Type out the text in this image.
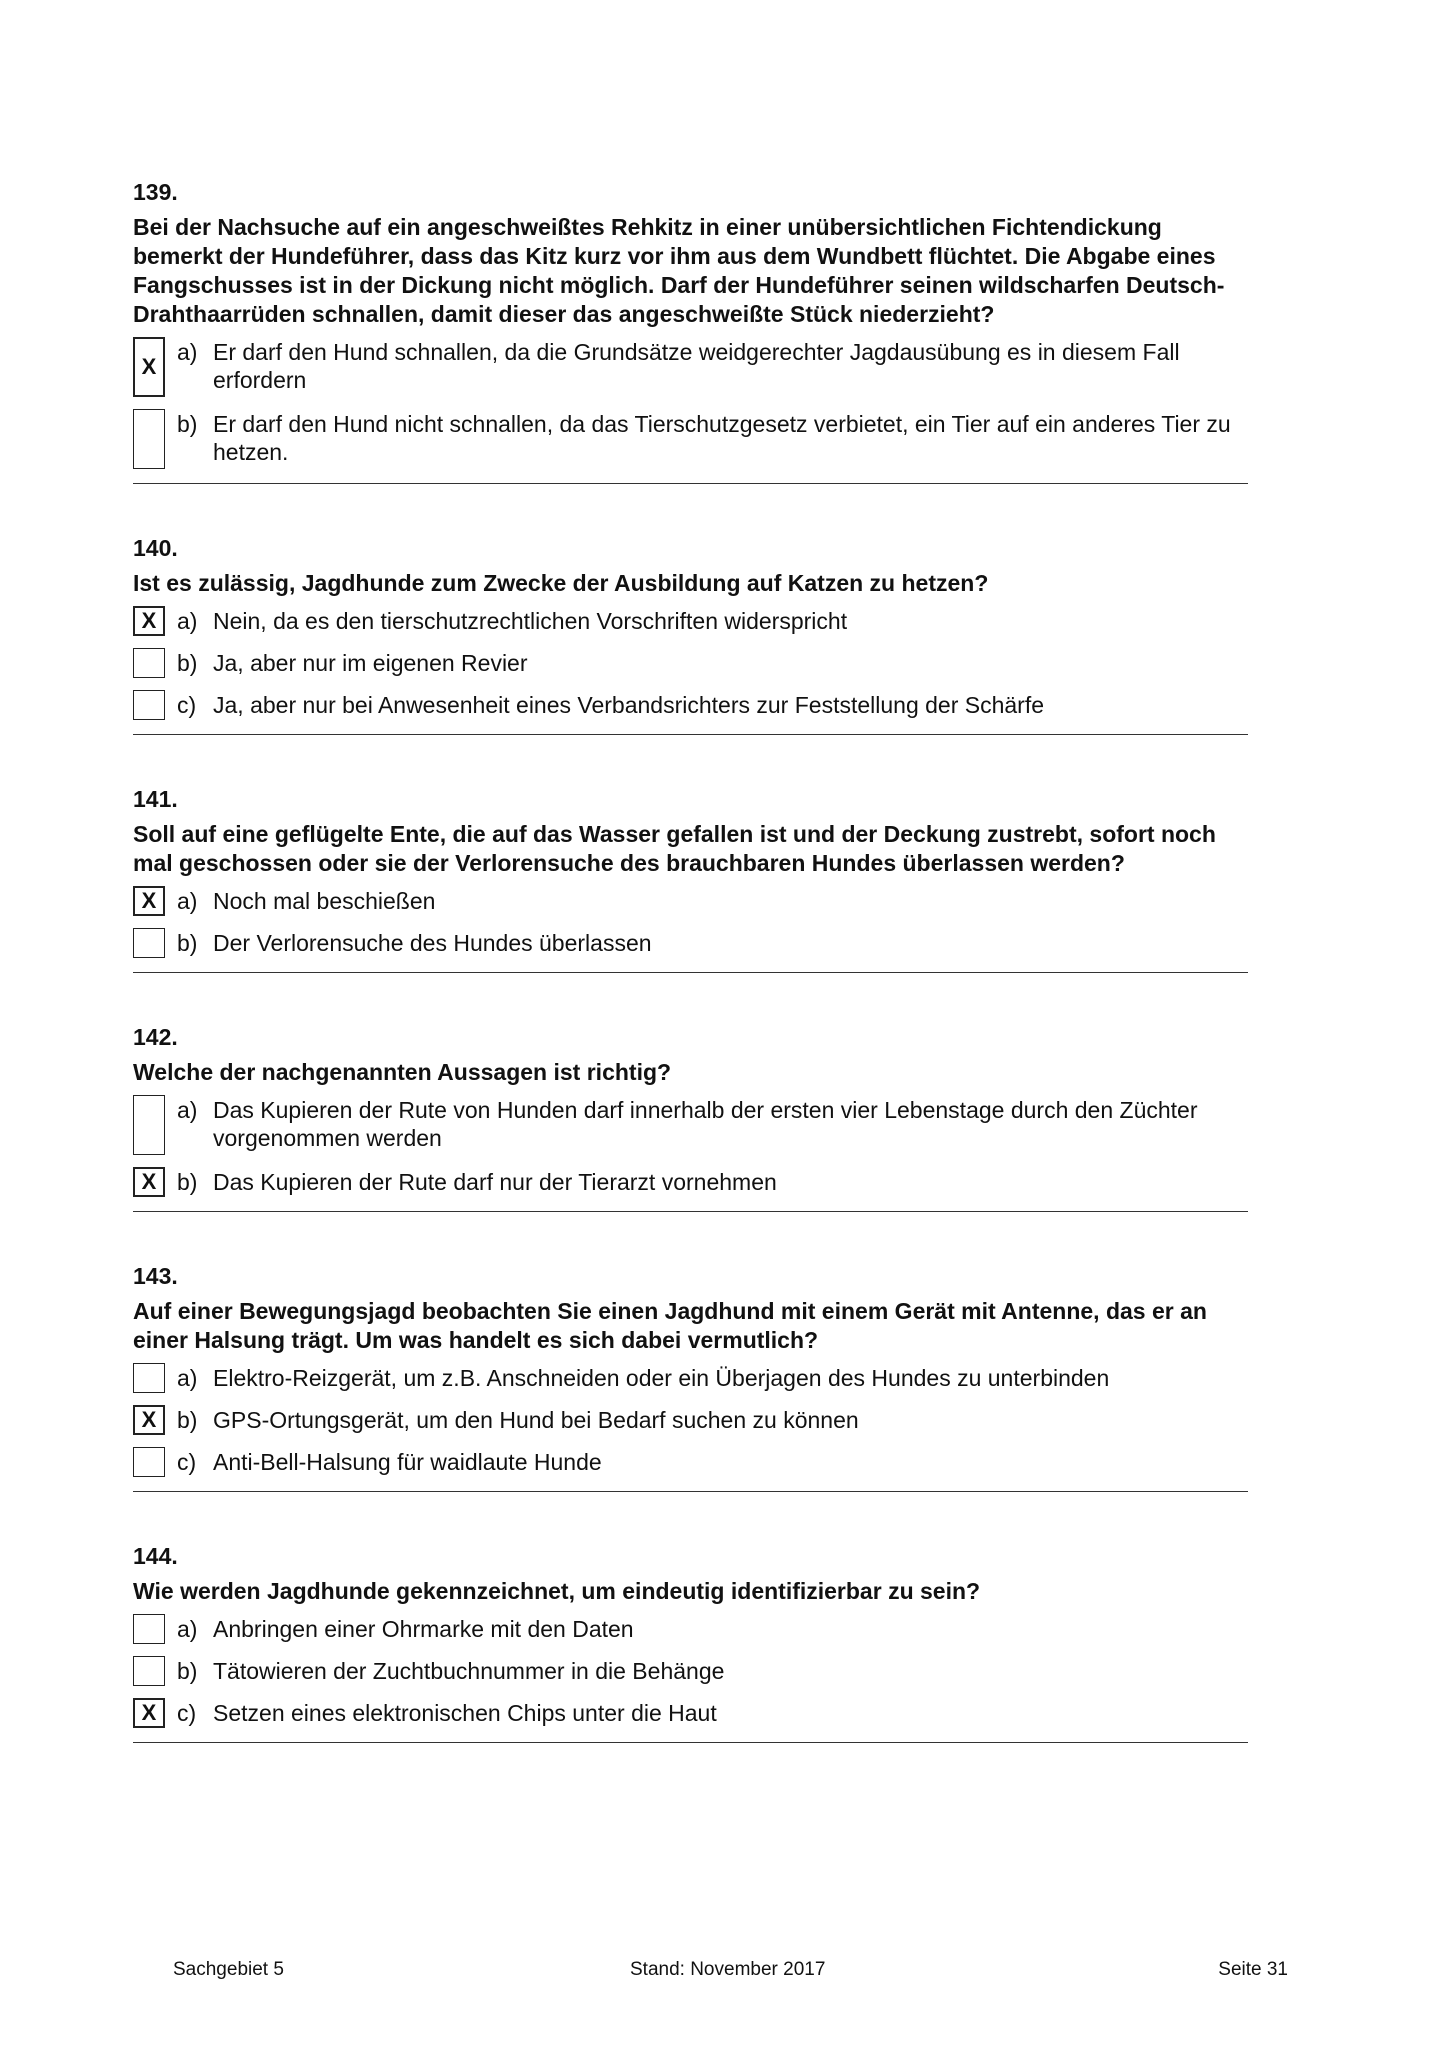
139.
Bei der Nachsuche auf ein angeschweißtes Rehkitz in einer unübersichtlichen Fichtendickung bemerkt der Hundeführer, dass das Kitz kurz vor ihm aus dem Wundbett flüchtet. Die Abgabe eines Fangschusses ist in der Dickung nicht möglich. Darf der Hundeführer seinen wildscharfen Deutsch-Drahthaarrüden schnallen, damit dieser das angeschweißte Stück niederzieht?
X
a) Er darf den Hund schnallen, da die Grundsätze weidgerechter Jagdausübung es in diesem Fall erfordern
b) Er darf den Hund nicht schnallen, da das Tierschutzgesetz verbietet, ein Tier auf ein anderes Tier zu hetzen.
140.
Ist es zulässig, Jagdhunde zum Zwecke der Ausbildung auf Katzen zu hetzen?
X a) Nein, da es den tierschutzrechtlichen Vorschriften widerspricht
b) Ja, aber nur im eigenen Revier
c) Ja, aber nur bei Anwesenheit eines Verbandsrichters zur Feststellung der Schärfe
141.
Soll auf eine geflügelte Ente, die auf das Wasser gefallen ist und der Deckung zustrebt, sofort noch mal geschossen oder sie der Verlorensuche des brauchbaren Hundes überlassen werden?
X a) Noch mal beschießen
b) Der Verlorensuche des Hundes überlassen
142.
Welche der nachgenannten Aussagen ist richtig?
a) Das Kupieren der Rute von Hunden darf innerhalb der ersten vier Lebenstage durch den Züchter vorgenommen werden
X b) Das Kupieren der Rute darf nur der Tierarzt vornehmen
143.
Auf einer Bewegungsjagd beobachten Sie einen Jagdhund mit einem Gerät mit Antenne, das er an einer Halsung trägt. Um was handelt es sich dabei vermutlich?
a) Elektro-Reizgerät, um z.B. Anschneiden oder ein Überjagen des Hundes zu unterbinden
X b) GPS-Ortungsgerät, um den Hund bei Bedarf suchen zu können
c) Anti-Bell-Halsung für waidlaute Hunde
144.
Wie werden Jagdhunde gekennzeichnet, um eindeutig identifizierbar zu sein?
a) Anbringen einer Ohrmarke mit den Daten
b) Tätowieren der Zuchtbuchnummer in die Behänge
X c) Setzen eines elektronischen Chips unter die Haut
Sachgebiet 5	Stand: November 2017	Seite 31
